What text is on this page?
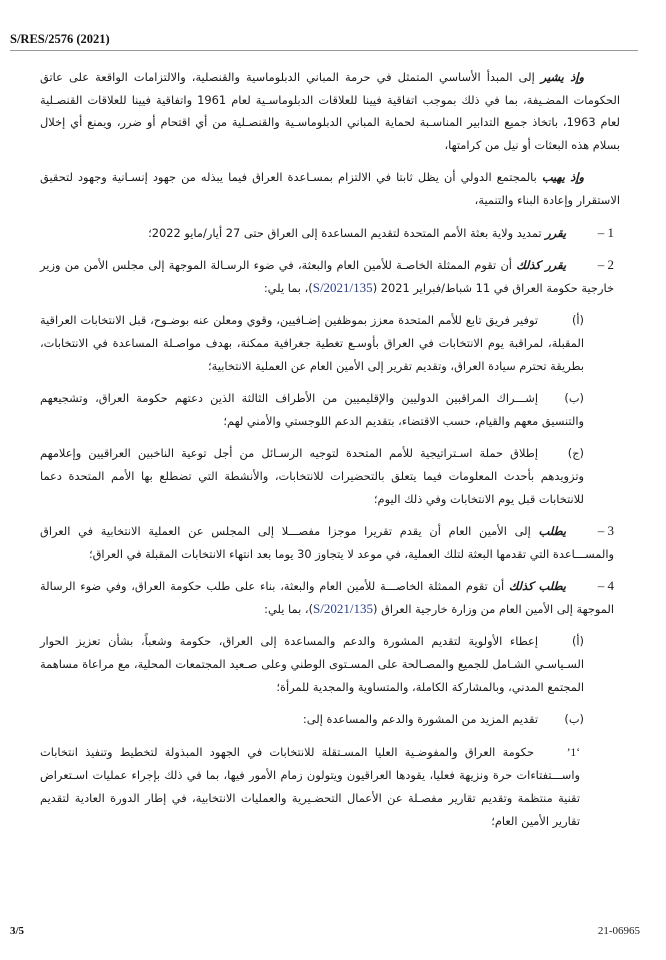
S/RES/2576 (2021)

وإذ يشير إلى المبدأ الأساسي المتمثل في حرمة المباني الدبلوماسية والقنصلية، والالتزامات الواقعة على عاتق الحكومات المضـيفة، بما في ذلك بموجب اتفاقية فيينا للعلاقات الدبلوماسـية لعام 1961 واتفاقية فيينا للعلاقات القنصـلية لعام 1963، باتخاذ جميع التدابير المناسـبة لحماية المباني الدبلوماسـية والقنصـلية من أي اقتحام أو ضرر، ويمنع أي إخلال بسلام هذه البعثات أو نيل من كرامتها،

وإذ يهيب بالمجتمع الدولي أن يظل ثابتا في الالتزام بمسـاعدة العراق فيما يبذله من جهود إنسـانية وجهود لتحقيق الاستقرار وإعادة البناء والتنمية،

1 –يقرر تمديد ولاية بعثة الأمم المتحدة لتقديم المساعدة إلى العراق حتى 27 أيار/مايو 2022؛

2 –يقرر كذلك أن تقوم الممثلة الخاصـة للأمين العام والبعثة، في ضوء الرسـالة الموجهة إلى مجلس الأمن من وزير خارجية حكومة العراق في 11 شباط/فبراير 2021 (S/2021/135)، بما يلي:

(أ)توفير فريق تابع للأمم المتحدة معزز بموظفين إضـافيين، وقوي ومعلن عنه بوضـوح، قبل الانتخابات العراقية المقبلة، لمراقبة يوم الانتخابات في العراق بأوسـع تغطية جغرافية ممكنة، بهدف مواصـلة المساعدة في الانتخابات، بطريقة تحترم سيادة العراق، وتقديم تقرير إلى الأمين العام عن العملية الانتخابية؛

(ب)إشـــراك المراقبين الدوليين والإقليميين من الأطراف الثالثة الذين دعتهم حكومة العراق، وتشجيعهم والتنسيق معهم والقيام، حسب الاقتضاء، بتقديم الدعم اللوجستي والأمني لهم؛

(ج)إطلاق حملة اسـتراتيجية للأمم المتحدة لتوجيه الرسـائل من أجل توعية الناخبين العراقيين وإعلامهم وتزويدهم بأحدث المعلومات فيما يتعلق بالتحضيرات للانتخابات، والأنشطة التي تضطلع بها الأمم المتحدة دعما للانتخابات قبل يوم الانتخابات وفي ذلك اليوم؛

3 –يطلب إلى الأمين العام أن يقدم تقريرا موجزا مفصـــلا إلى المجلس عن العملية الانتخابية في العراق والمســـاعدة التي تقدمها البعثة لتلك العملية، في موعد لا يتجاوز 30 يوما بعد انتهاء الانتخابات المقبلة في العراق؛

4 –يطلب كذلك أن تقوم الممثلة الخاصـــة للأمين العام والبعثة، بناء على طلب حكومة العراق، وفي ضوء الرسالة الموجهة إلى الأمين العام من وزارة خارجية العراق (S/2021/135)، بما يلي:

(أ)إعطاء الأولوية لتقديم المشورة والدعم والمساعدة إلى العراق، حكومة وشعباً، بشأن تعزيز الحوار السـياسـي الشـامل للجميع والمصـالحة على المسـتوى الوطني وعلى صـعيد المجتمعات المحلية، مع مراعاة مساهمة المجتمع المدني، وبالمشاركة الكاملة، والمتساوية والمجدية للمرأة؛

(ب)تقديم المزيد من المشورة والدعم والمساعدة إلى:

‘1’حكومة العراق والمفوضـية العليا المسـتقلة للانتخابات في الجهود المبذولة لتخطيط وتنفيذ انتخابات واســـتفتاءات حرة ونزيهة فعليا، يقودها العراقيون ويتولون زمام الأمور فيها، بما في ذلك بإجراء عمليات اسـتعراض تقنية منتظمة وتقديم تقارير مفصـلة عن الأعمال التحضـيرية والعمليات الانتخابية، في إطار الدورة العادية لتقديم تقارير الأمين العام؛

3/5	21-06965
